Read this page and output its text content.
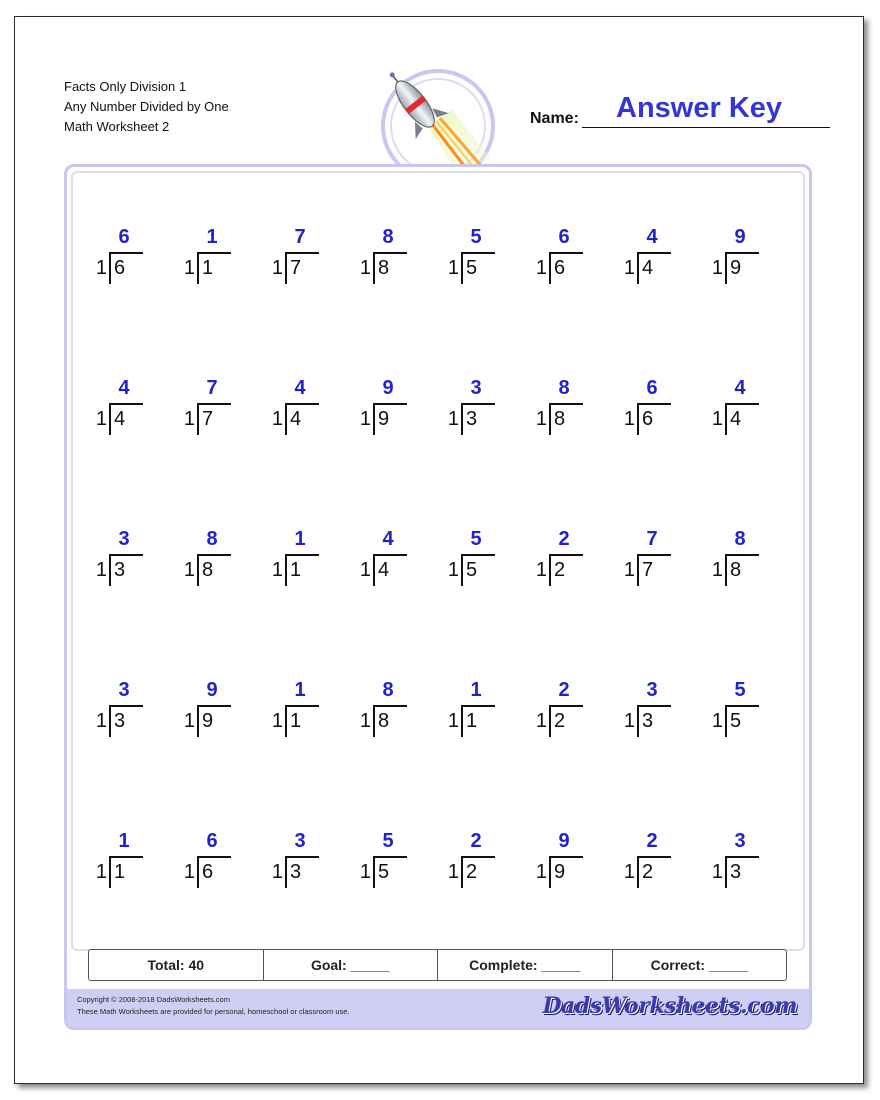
Facts Only Division 1
Any Number Divided by One
Math Worksheet 2	Name: Answer Key
Copyright © 2008-2018 DadsWorksheets.com
These Math Worksheets are provided for personal, homeschool or classroom use.	DadsWorksheets.com
6
1 6
1
1 1
7
1 7
8
1 8
5
1 5
6
1 6
4
1 4
9
1 9
4
1 4
7
1 7
4
1 4
9
1 9
3
1 3
8
1 8
6
1 6
4
1 4
3
1 3
8
1 8
1
1 1
4
1 4
5
1 5
2
1 2
7
1 7
8
1 8
3
1 3
9
1 9
1
1 1
8
1 8
1
1 1
2
1 2
3
1 3
5
1 5
1
1 1
6
1 6
3
1 3
5
1 5
2
1 2
9
1 9
2
1 2
3
1 3
Total: 40	Goal: _____	Complete: _____	Correct: _____
